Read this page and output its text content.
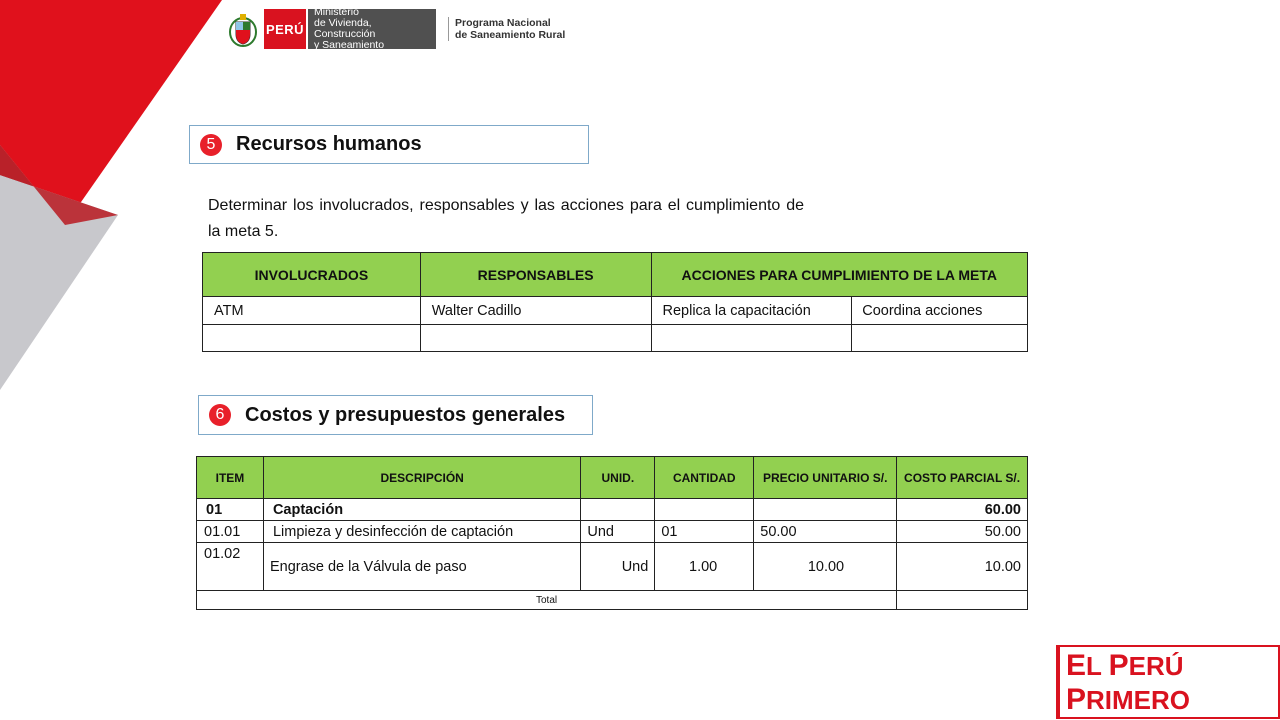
PERÚ
Ministerio
de Vivienda, Construcción
y Saneamiento
Programa Nacional
de Saneamiento Rural
5	Recursos humanos
Determinar los involucrados, responsables y las acciones para el cumplimiento de la meta 5.
INVOLUCRADOS	RESPONSABLES	ACCIONES PARA CUMPLIMIENTO DE LA META	
ATM	Walter Cadillo	Replica la capacitación	Coordina acciones

6	Costos y presupuestos generales
ITEM	DESCRIPCIÓN	UNID.	CANTIDAD	PRECIO UNITARIO S/.	COSTO PARCIAL S/.
01	Captación				60.00
01.01	Limpieza y desinfección de captación	Und	01	50.00	50.00
01.02	Engrase de la Válvula de paso	Und	1.00	10.00	10.00
Total					
EL PERÚ PRIMERO
